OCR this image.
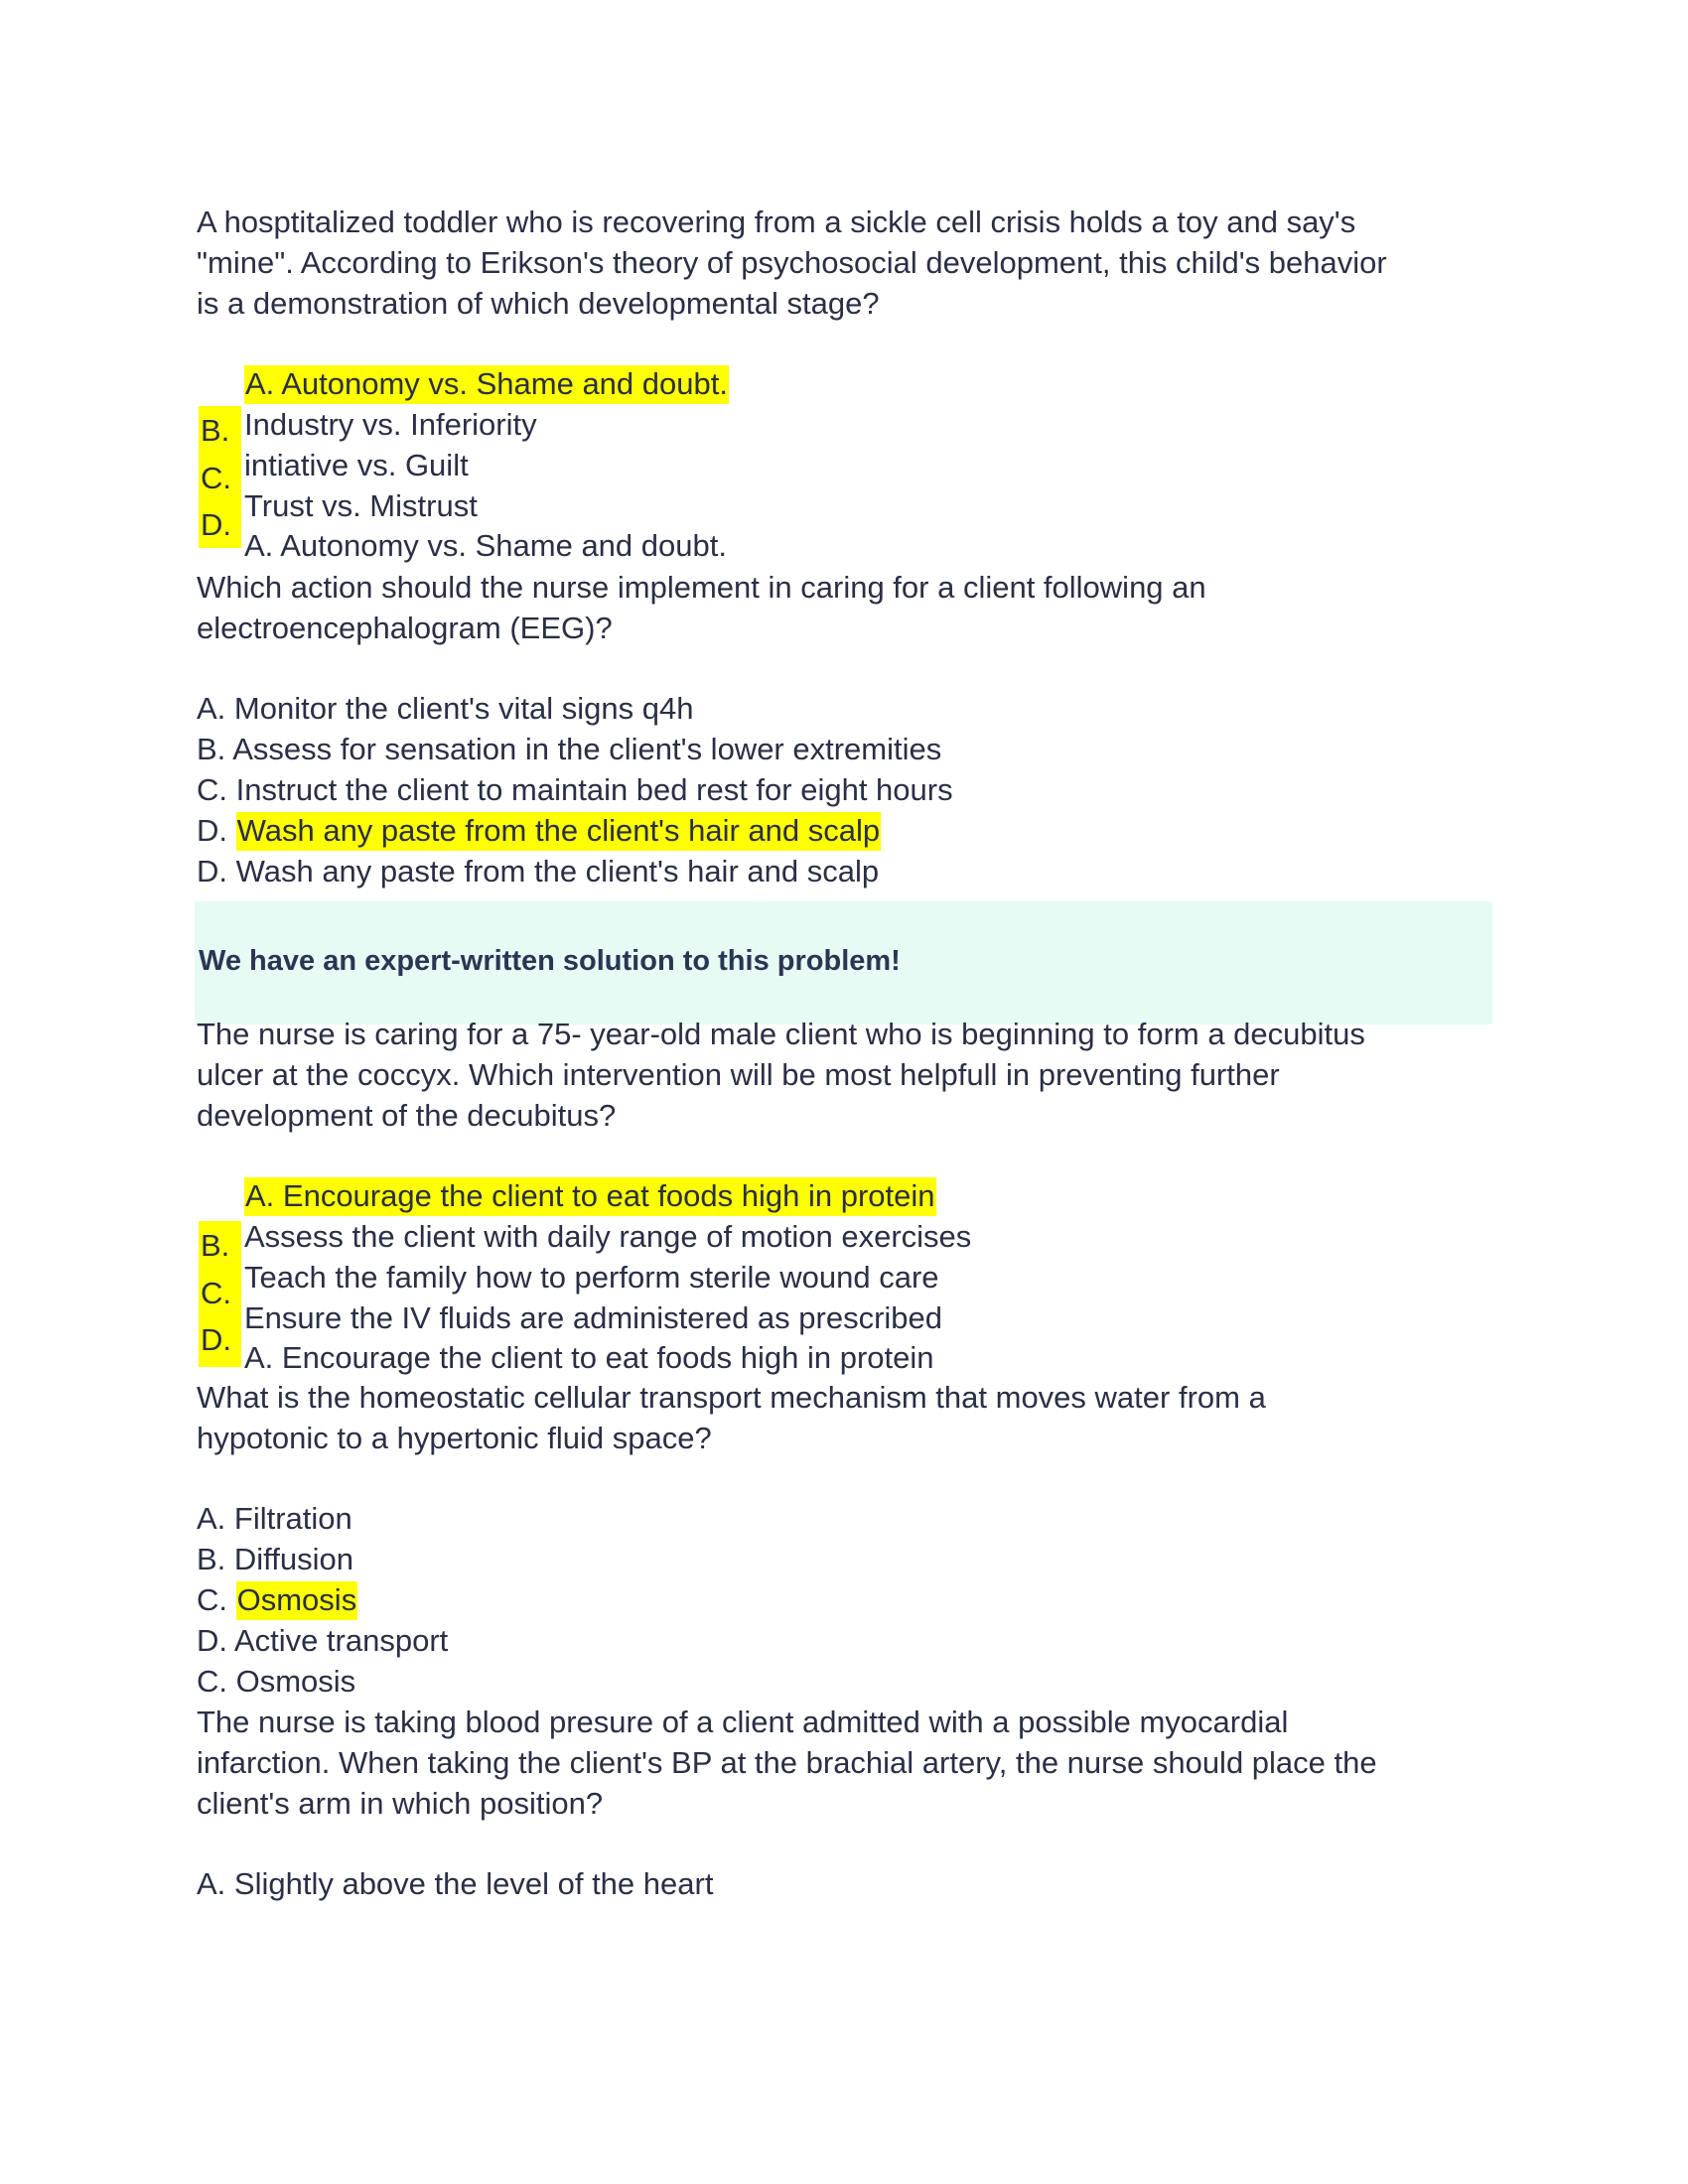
A hosptitalized toddler who is recovering from a sickle cell crisis holds a toy and say's
"mine". According to Erikson's theory of psychosocial development, this child's behavior
is a demonstration of which developmental stage?
A. Autonomy vs. Shame and doubt.
Industry vs. Inferiority
intiative vs. Guilt
Trust vs. Mistrust
A. Autonomy vs. Shame and doubt.
B.
C.
D.
Which action should the nurse implement in caring for a client following an
electroencephalogram (EEG)?
A. Monitor the client's vital signs q4h
B. Assess for sensation in the client's lower extremities
C. Instruct the client to maintain bed rest for eight hours
D. Wash any paste from the client's hair and scalp
D. Wash any paste from the client's hair and scalp
We have an expert-written solution to this problem!
The nurse is caring for a 75- year-old male client who is beginning to form a decubitus
ulcer at the coccyx. Which intervention will be most helpfull in preventing further
development of the decubitus?
A. Encourage the client to eat foods high in protein
Assess the client with daily range of motion exercises
Teach the family how to perform sterile wound care
Ensure the IV fluids are administered as prescribed
A. Encourage the client to eat foods high in protein
B.
C.
D.
What is the homeostatic cellular transport mechanism that moves water from a
hypotonic to a hypertonic fluid space?
A. Filtration
B. Diffusion
C. Osmosis
D. Active transport
C. Osmosis
The nurse is taking blood presure of a client admitted with a possible myocardial
infarction. When taking the client's BP at the brachial artery, the nurse should place the
client's arm in which position?
A. Slightly above the level of the heart
